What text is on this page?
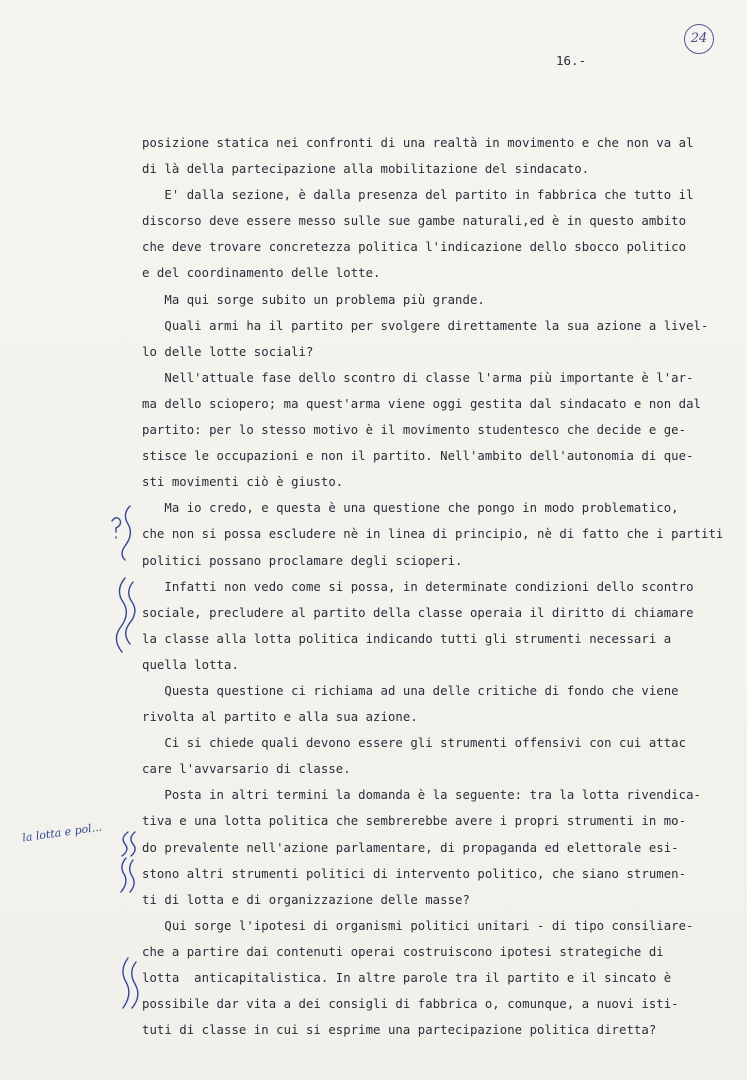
24
16.-
posizione statica nei confronti di una realtà in movimento e che non va al
di là della partecipazione alla mobilitazione del sindacato.
E' dalla sezione, è dalla presenza del partito in fabbrica che tutto il
discorso deve essere messo sulle sue gambe naturali,ed è in questo ambito
che deve trovare concretezza politica l'indicazione dello sbocco politico
e del coordinamento delle lotte.
Ma qui sorge subito un problema più grande.
Quali armi ha il partito per svolgere direttamente la sua azione a livel-
lo delle lotte sociali?
Nell'attuale fase dello scontro di classe l'arma più importante è l'ar-
ma dello sciopero; ma quest'arma viene oggi gestita dal sindacato e non dal
partito: per lo stesso motivo è il movimento studentesco che decide e ge-
stisce le occupazioni e non il partito. Nell'ambito dell'autonomia di que-
sti movimenti ciò è giusto.
Ma io credo, e questa è una questione che pongo in modo problematico,
che non si possa escludere nè in linea di principio, nè di fatto che i partiti
politici possano proclamare degli scioperi.
Infatti non vedo come si possa, in determinate condizioni dello scontro
sociale, precludere al partito della classe operaia il diritto di chiamare
la classe alla lotta politica indicando tutti gli strumenti necessari a
quella lotta.
Questa questione ci richiama ad una delle critiche di fondo che viene
rivolta al partito e alla sua azione.
Ci si chiede quali devono essere gli strumenti offensivi con cui attac
care l'avvarsario di classe.
Posta in altri termini la domanda è la seguente: tra la lotta rivendica-
tiva e una lotta politica che sembrerebbe avere i propri strumenti in mo-
do prevalente nell'azione parlamentare, di propaganda ed elettorale esi-
stono altri strumenti politici di intervento politico, che siano strumen-
ti di lotta e di organizzazione delle masse?
Qui sorge l'ipotesi di organismi politici unitari - di tipo consiliare-
che a partire dai contenuti operai costruiscono ipotesi strategiche di
lotta  anticapitalistica. In altre parole tra il partito e il sincato è
possibile dar vita a dei consigli di fabbrica o, comunque, a nuovi isti-
tuti di classe in cui si esprime una partecipazione politica diretta?
la lotta e pol...
